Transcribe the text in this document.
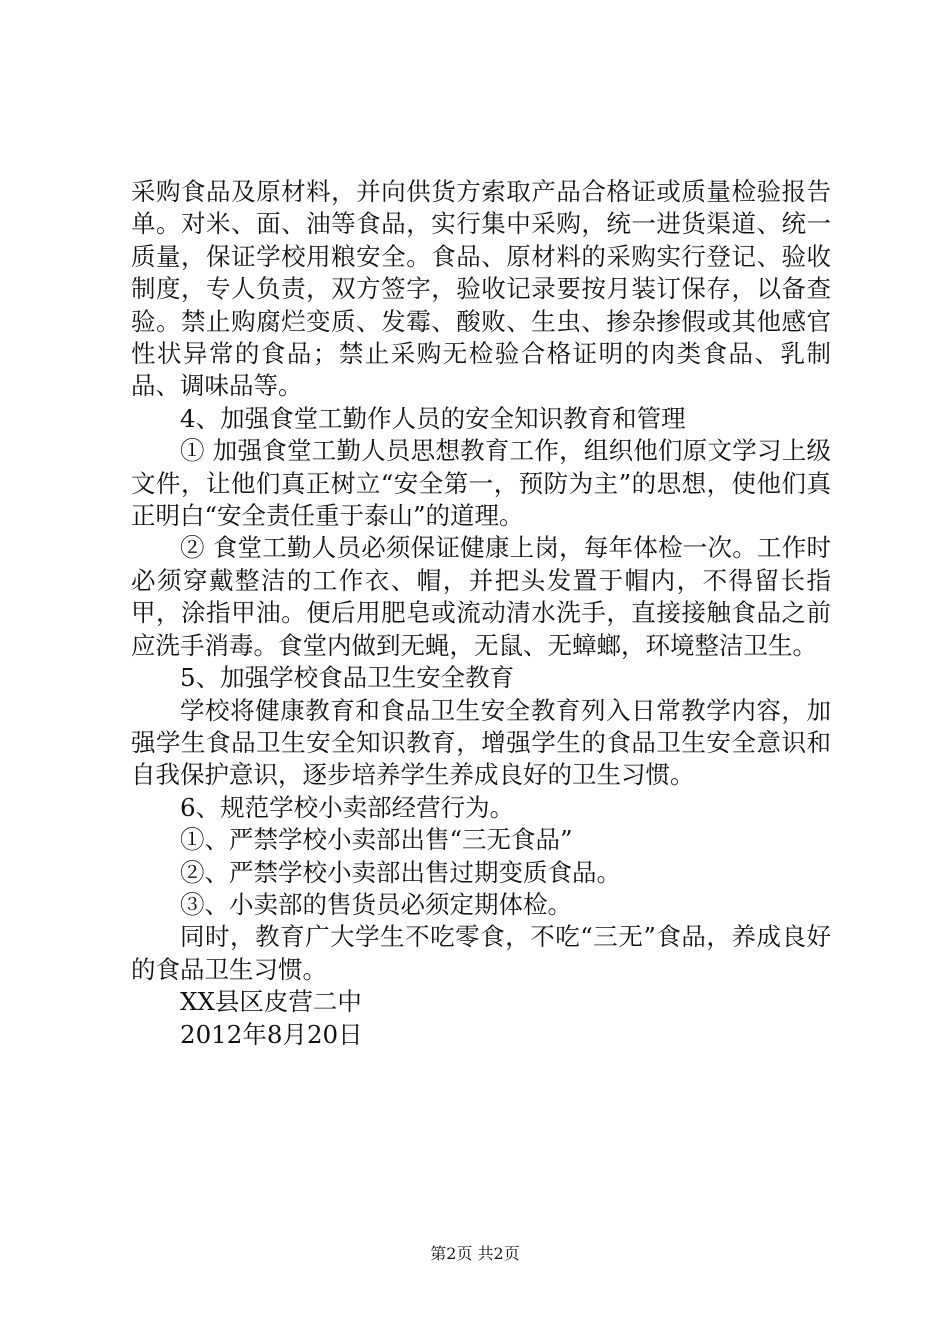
采购食品及原材料，并向供货方索取产品合格证或质量检验报告单。对米、面、油等食品，实行集中采购，统一进货渠道、统一质量，保证学校用粮安全。食品、原材料的采购实行登记、验收制度，专人负责，双方签字，验收记录要按月装订保存，以备查验。禁止购腐烂变质、发霉、酸败、生虫、掺杂掺假或其他感官性状异常的食品；禁止采购无检验合格证明的肉类食品、乳制品、调味品等。

4、加强食堂工勤作人员的安全知识教育和管理

① 加强食堂工勤人员思想教育工作，组织他们原文学习上级文件，让他们真正树立“安全第一，预防为主”的思想，使他们真正明白“安全责任重于泰山”的道理。

② 食堂工勤人员必须保证健康上岗，每年体检一次。工作时必须穿戴整洁的工作衣、帽，并把头发置于帽内，不得留长指甲，涂指甲油。便后用肥皂或流动清水洗手，直接接触食品之前应洗手消毒。食堂内做到无蝇，无鼠、无蟑螂，环境整洁卫生。

5、加强学校食品卫生安全教育

学校将健康教育和食品卫生安全教育列入日常教学内容，加强学生食品卫生安全知识教育，增强学生的食品卫生安全意识和自我保护意识，逐步培养学生养成良好的卫生习惯。

6、规范学校小卖部经营行为。

①、严禁学校小卖部出售“三无食品”

②、严禁学校小卖部出售过期变质食品。

③、小卖部的售货员必须定期体检。

同时，教育广大学生不吃零食，不吃“三无”食品，养成良好的食品卫生习惯。

XX县区皮营二中

2012年8月20日

第2页 共2页
